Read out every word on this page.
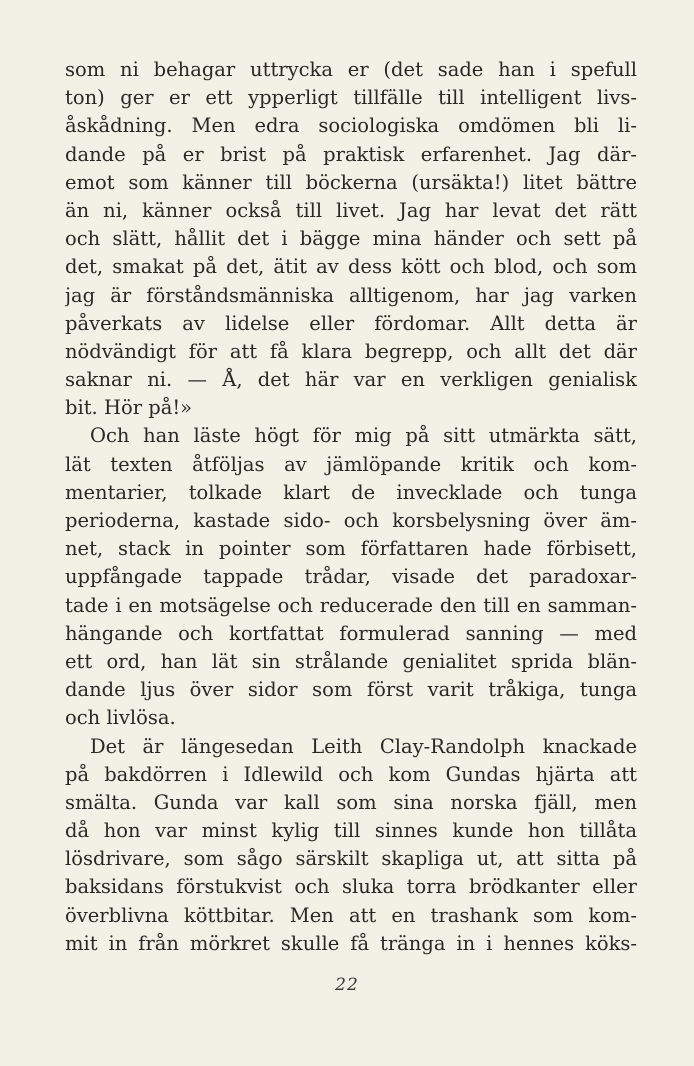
som ni behagar uttrycka er (det sade han i spefull
ton) ger er ett ypperligt tillfälle till intelligent livs-
åskådning. Men edra sociologiska omdömen bli li-
dande på er brist på praktisk erfarenhet. Jag där-
emot som känner till böckerna (ursäkta!) litet bättre
än ni, känner också till livet. Jag har levat det rätt
och slätt, hållit det i bägge mina händer och sett på
det, smakat på det, ätit av dess kött och blod, och som
jag är förståndsmänniska alltigenom, har jag varken
påverkats av lidelse eller fördomar. Allt detta är
nödvändigt för att få klara begrepp, och allt det där
saknar ni. — Å, det här var en verkligen genialisk
bit. Hör på!»
Och han läste högt för mig på sitt utmärkta sätt,
lät texten åtföljas av jämlöpande kritik och kom-
mentarier, tolkade klart de invecklade och tunga
perioderna, kastade sido- och korsbelysning över äm-
net, stack in pointer som författaren hade förbisett,
uppfångade tappade trådar, visade det paradoxar-
tade i en motsägelse och reducerade den till en samman-
hängande och kortfattat formulerad sanning — med
ett ord, han lät sin strålande genialitet sprida blän-
dande ljus över sidor som först varit tråkiga, tunga
och livlösa.
Det är längesedan Leith Clay-Randolph knackade
på bakdörren i Idlewild och kom Gundas hjärta att
smälta. Gunda var kall som sina norska fjäll, men
då hon var minst kylig till sinnes kunde hon tillåta
lösdrivare, som sågo särskilt skapliga ut, att sitta på
baksidans förstukvist och sluka torra brödkanter eller
överblivna köttbitar. Men att en trashank som kom-
mit in från mörkret skulle få tränga in i hennes köks-
22
